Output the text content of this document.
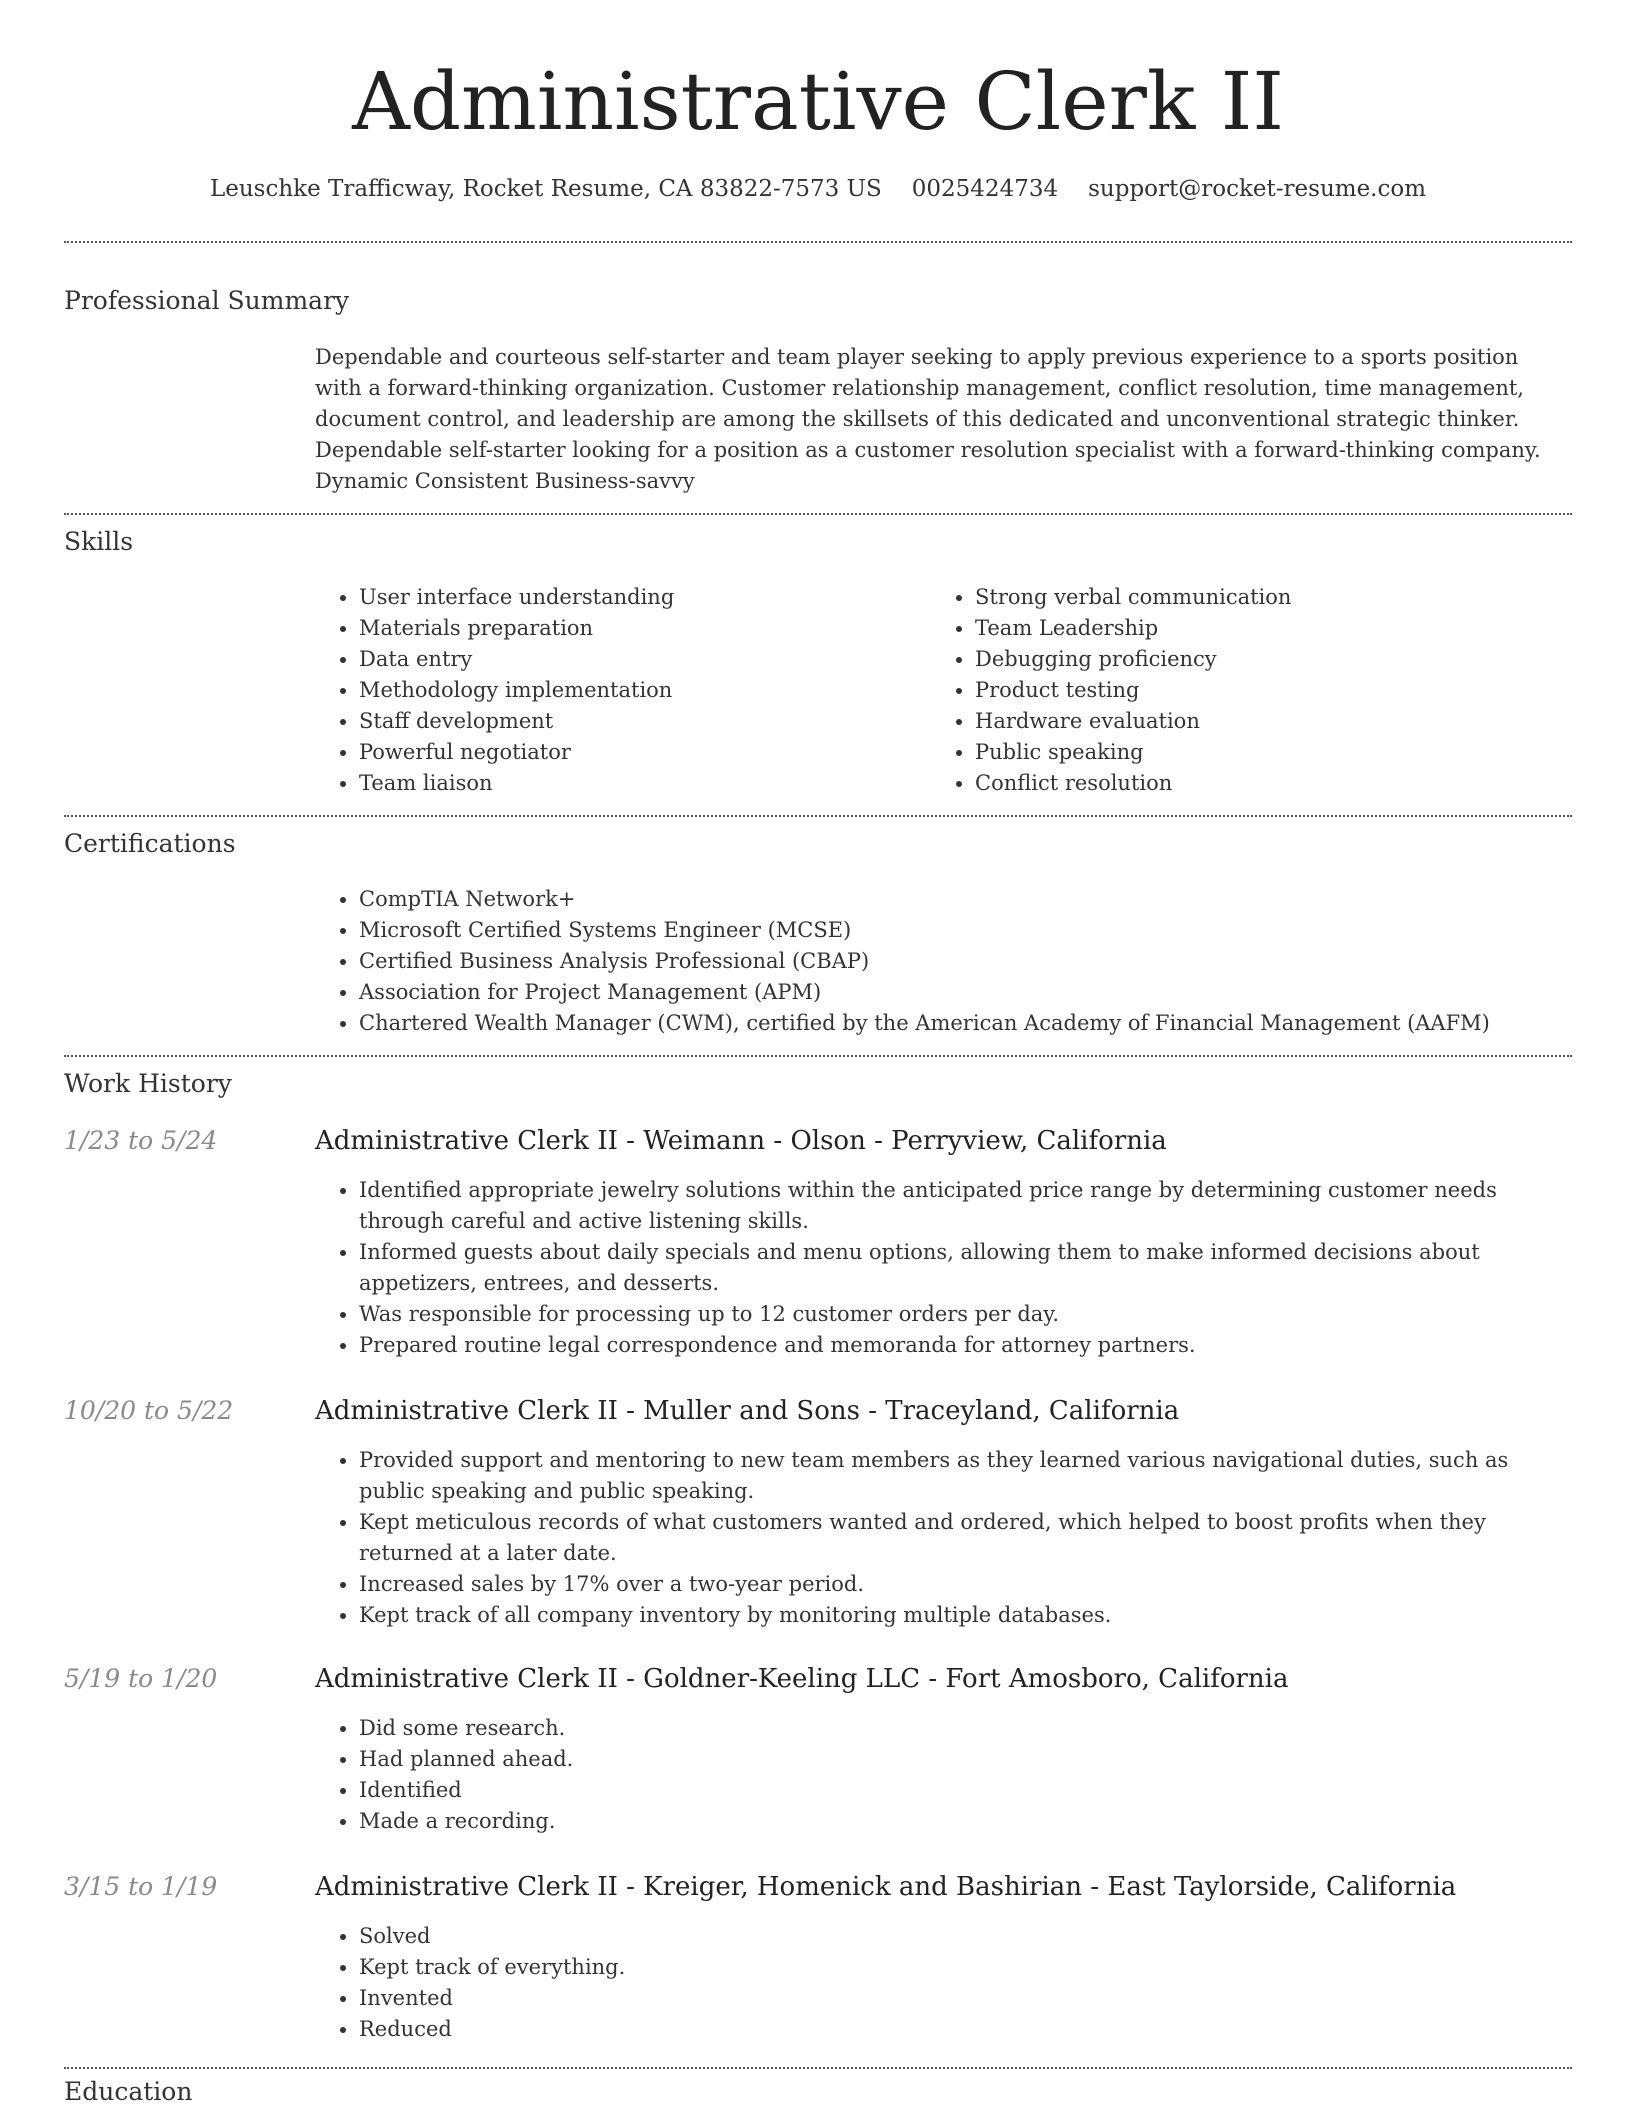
Administrative Clerk II
Leuschke Trafficway, Rocket Resume, CA 83822-7573 US 0025424734 support@rocket-resume.com
Professional Summary
Dependable and courteous self-starter and team player seeking to apply previous experience to a sports position with a forward-thinking organization. Customer relationship management, conflict resolution, time management, document control, and leadership are among the skillsets of this dedicated and unconventional strategic thinker. Dependable self-starter looking for a position as a customer resolution specialist with a forward-thinking company. Dynamic Consistent Business-savvy
Skills
• User interface understanding
• Materials preparation
• Data entry
• Methodology implementation
• Staff development
• Powerful negotiator
• Team liaison
• Strong verbal communication
• Team Leadership
• Debugging proficiency
• Product testing
• Hardware evaluation
• Public speaking
• Conflict resolution
Certifications
• CompTIA Network+
• Microsoft Certified Systems Engineer (MCSE)
• Certified Business Analysis Professional (CBAP)
• Association for Project Management (APM)
• Chartered Wealth Manager (CWM), certified by the American Academy of Financial Management (AAFM)
Work History
1/23 to 5/24	Administrative Clerk II - Weimann - Olson - Perryview, California
• Identified appropriate jewelry solutions within the anticipated price range by determining customer needs through careful and active listening skills.
• Informed guests about daily specials and menu options, allowing them to make informed decisions about appetizers, entrees, and desserts.
• Was responsible for processing up to 12 customer orders per day.
• Prepared routine legal correspondence and memoranda for attorney partners.
10/20 to 5/22	Administrative Clerk II - Muller and Sons - Traceyland, California
• Provided support and mentoring to new team members as they learned various navigational duties, such as public speaking and public speaking.
• Kept meticulous records of what customers wanted and ordered, which helped to boost profits when they returned at a later date.
• Increased sales by 17% over a two-year period.
• Kept track of all company inventory by monitoring multiple databases.
5/19 to 1/20	Administrative Clerk II - Goldner-Keeling LLC - Fort Amosboro, California
• Did some research.
• Had planned ahead.
• Identified
• Made a recording.
3/15 to 1/19	Administrative Clerk II - Kreiger, Homenick and Bashirian - East Taylorside, California
• Solved
• Kept track of everything.
• Invented
• Reduced
Education
